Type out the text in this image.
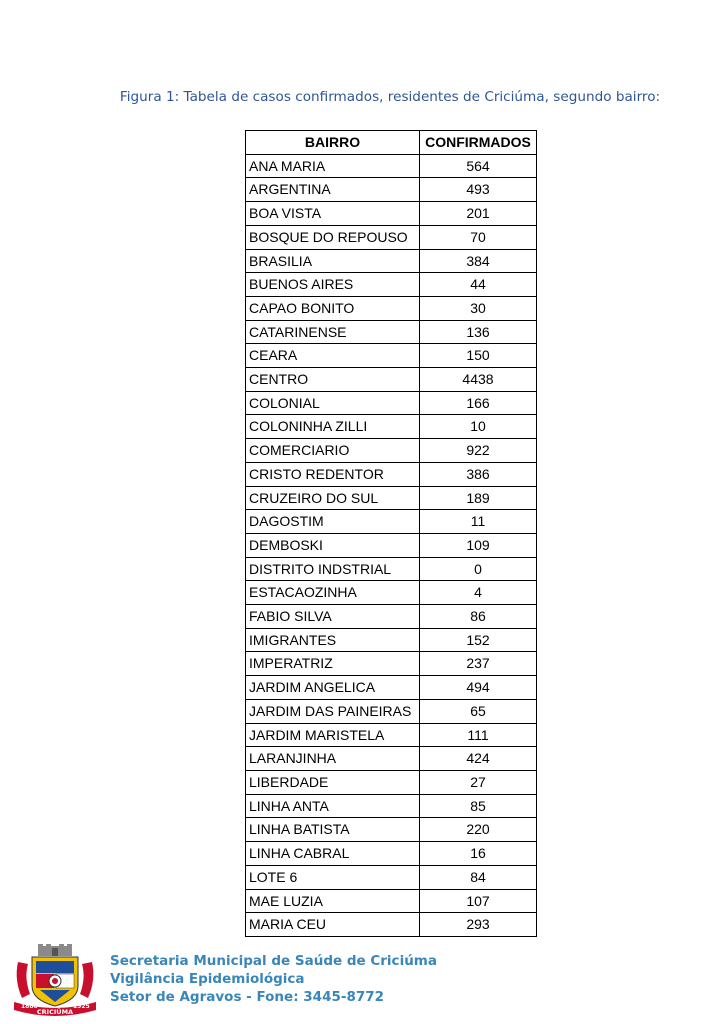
Figura 1: Tabela de casos confirmados, residentes de Criciúma, segundo bairro:
BAIRRO	CONFIRMADOS
ANA MARIA	564
ARGENTINA	493
BOA VISTA	201
BOSQUE DO REPOUSO	70
BRASILIA	384
BUENOS AIRES	44
CAPAO BONITO	30
CATARINENSE	136
CEARA	150
CENTRO	4438
COLONIAL	166
COLONINHA ZILLI	10
COMERCIARIO	922
CRISTO REDENTOR	386
CRUZEIRO DO SUL	189
DAGOSTIM	11
DEMBOSKI	109
DISTRITO INDSTRIAL	0
ESTACAOZINHA	4
FABIO SILVA	86
IMIGRANTES	152
IMPERATRIZ	237
JARDIM ANGELICA	494
JARDIM DAS PAINEIRAS	65
JARDIM MARISTELA	111
LARANJINHA	424
LIBERDADE	27
LINHA ANTA	85
LINHA BATISTA	220
LINHA CABRAL	16
LOTE 6	84
MAE LUZIA	107
MARIA CEU	293
1880	1925
CRICIÚMA
Secretaria Municipal de Saúde de Criciúma
Vigilância Epidemiológica
Setor de Agravos - Fone: 3445-8772
